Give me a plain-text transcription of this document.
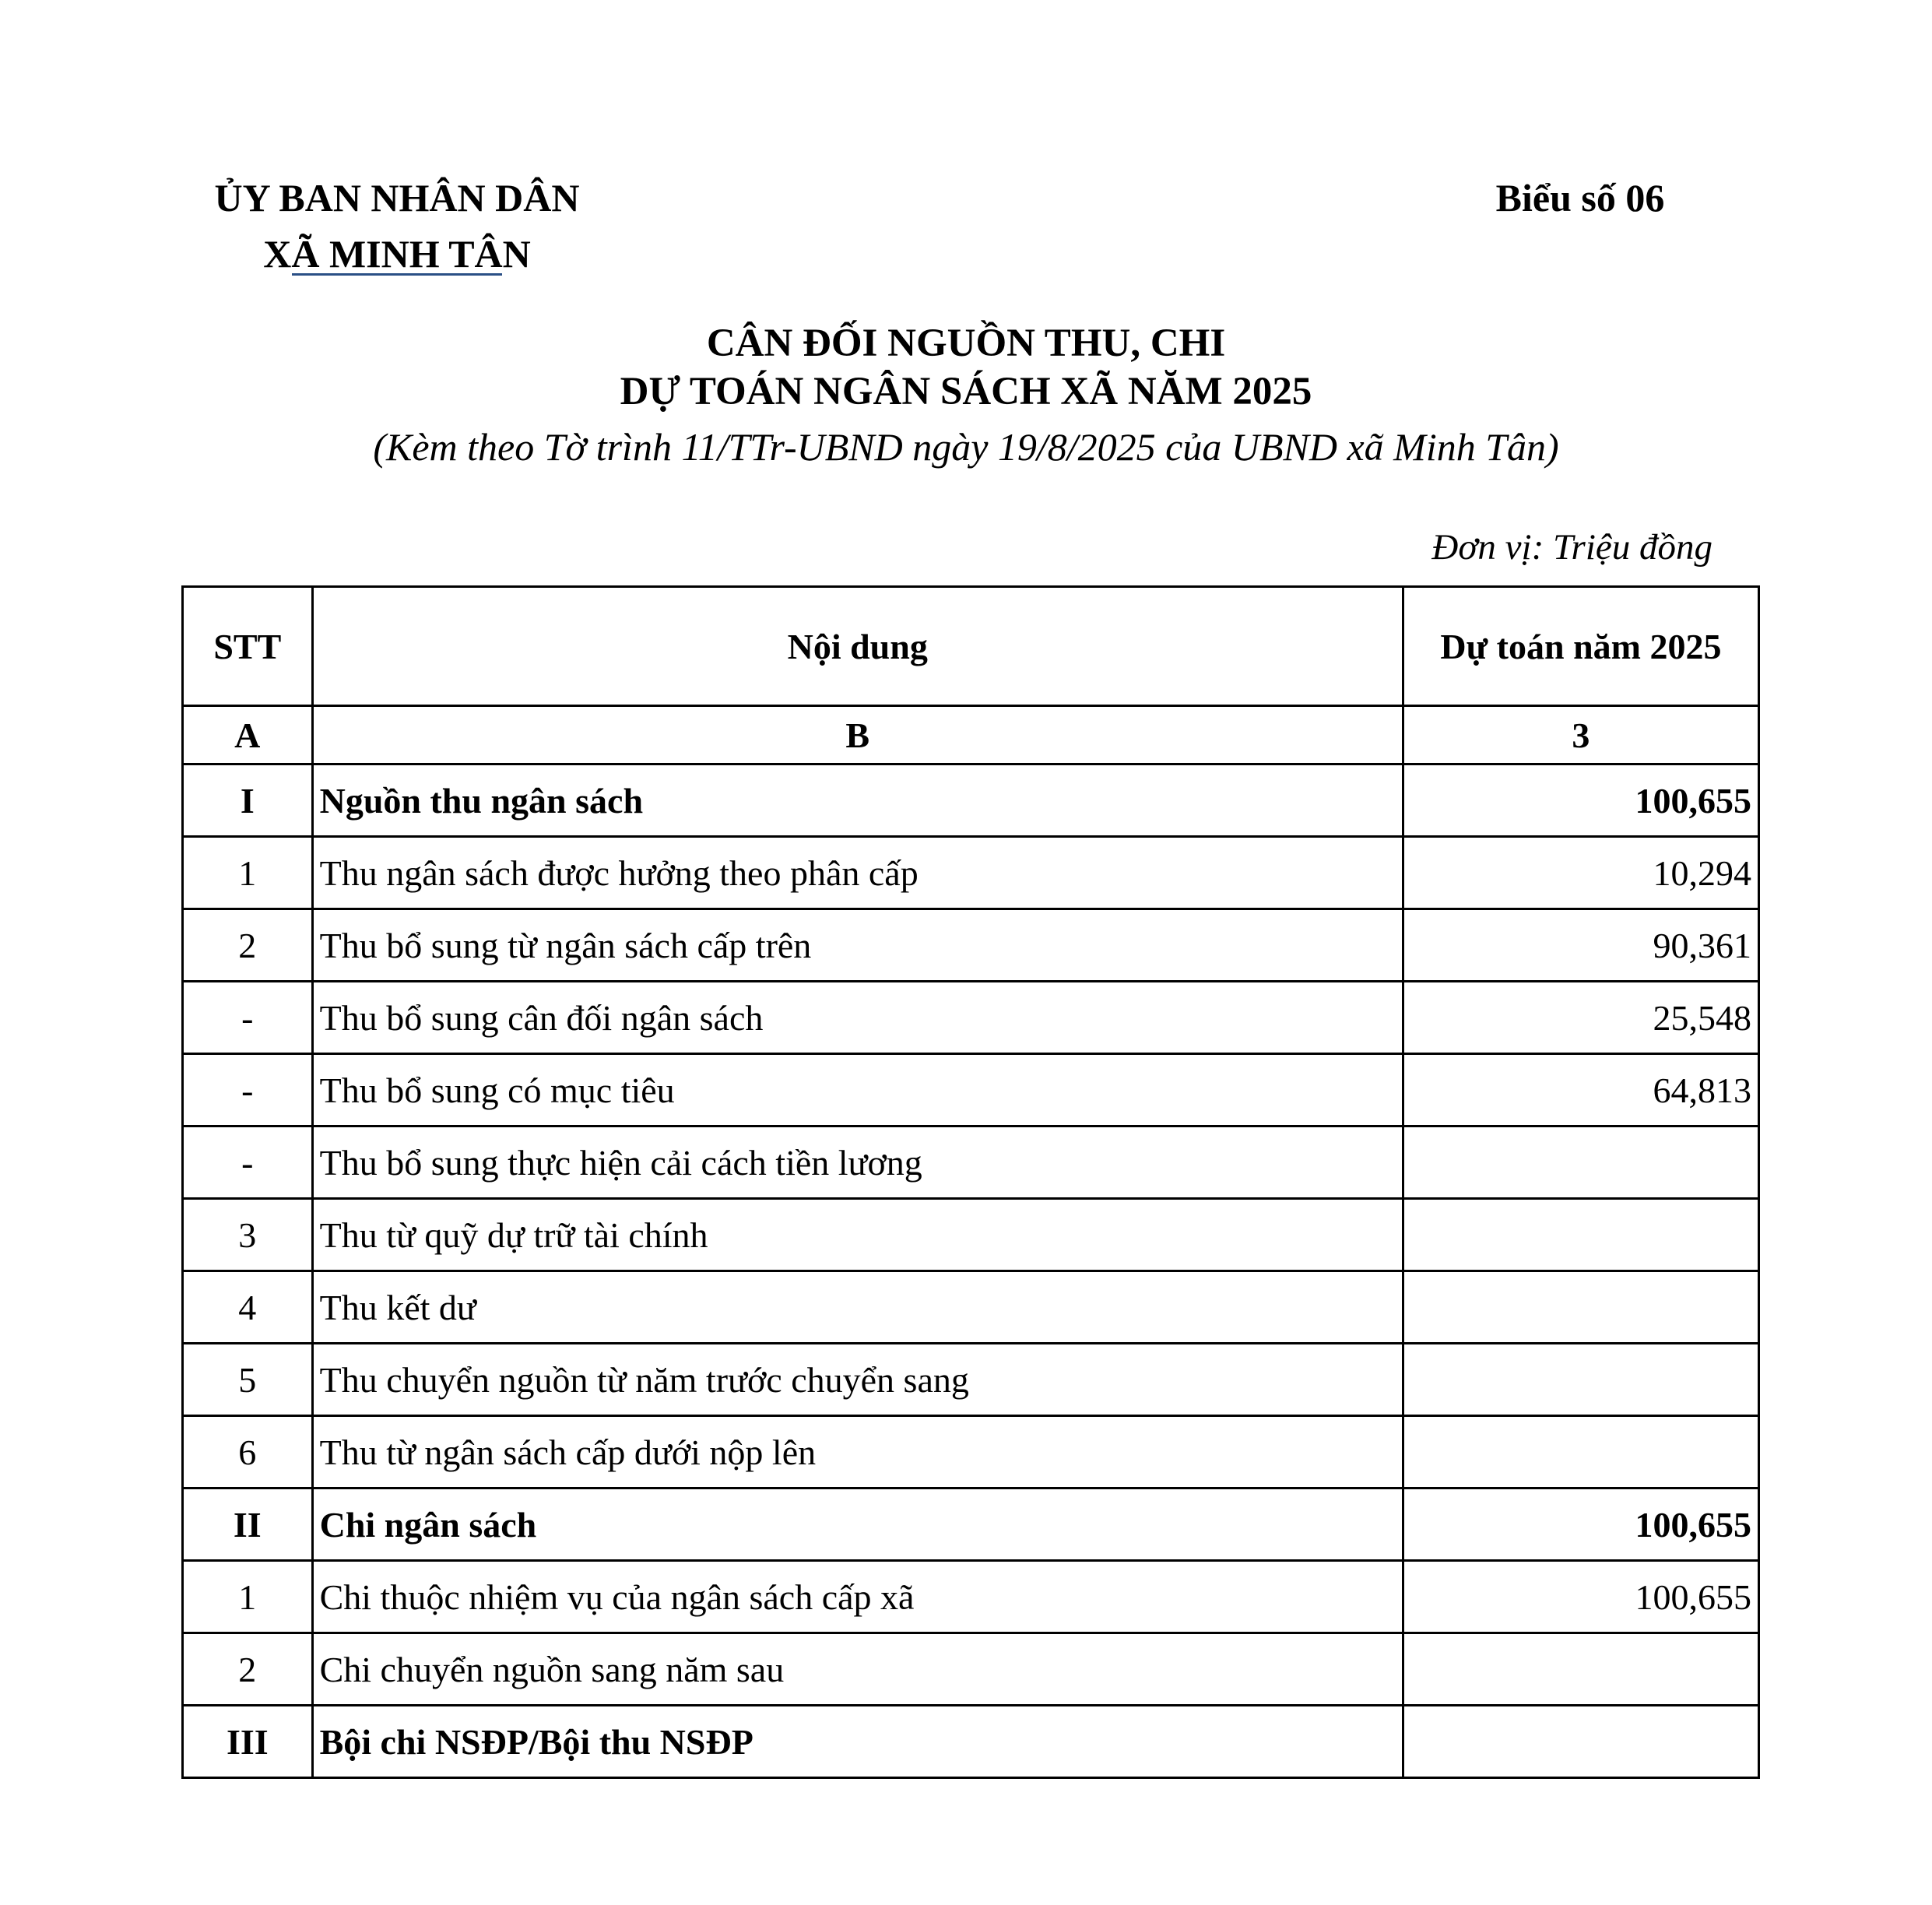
ỦY BAN NHÂN DÂN
XÃ MINH TÂN
Biểu số 06
CÂN ĐỐI NGUỒN THU, CHI
DỰ TOÁN NGÂN SÁCH XÃ NĂM 2025
(Kèm theo Tờ trình 11/TTr-UBND ngày 19/8/2025 của UBND xã Minh Tân)
Đơn vị: Triệu đồng
STT	Nội dung	Dự toán năm 2025
A	B	3
I	Nguồn thu ngân sách	100,655
1	Thu ngân sách được hưởng theo phân cấp	10,294
2	Thu bổ sung từ ngân sách cấp trên	90,361
-	Thu bổ sung cân đối ngân sách	25,548
-	Thu bổ sung có mục tiêu	64,813
-	Thu bổ sung thực hiện cải cách tiền lương	
3	Thu từ quỹ dự trữ tài chính	
4	Thu kết dư	
5	Thu chuyển nguồn từ năm trước chuyển sang	
6	Thu từ ngân sách cấp dưới nộp lên	
II	Chi ngân sách	100,655
1	Chi thuộc nhiệm vụ của ngân sách cấp xã	100,655
2	Chi chuyển nguồn sang năm sau	
III	Bội chi NSĐP/Bội thu NSĐP	
